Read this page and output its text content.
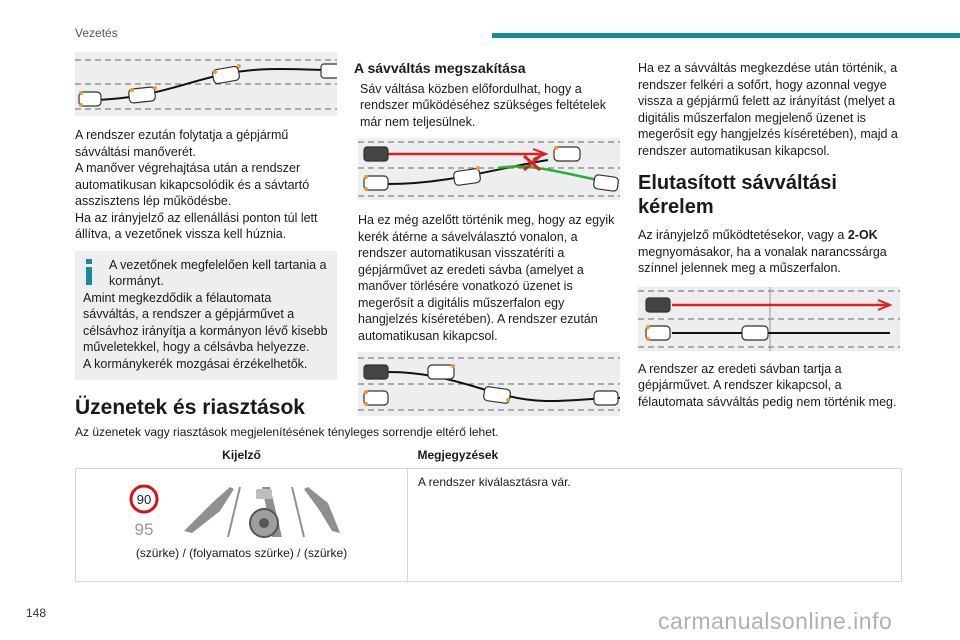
Vezetés

A rendszer ezután folytatja a gépjármű sávváltási manőverét.

A manőver végrehajtása után a rendszer automatikusan kikapcsolódik és a sávtartó asszisztens lép működésbe.

Ha az irányjelző az ellenállási ponton túl lett állítva, a vezetőnek vissza kell húznia.

A vezetőnek megfelelően kell tartania a kormányt.

Amint megkezdődik a félautomata sávváltás, a rendszer a gépjárművet a célsávhoz irányítja a kormányon lévő kisebb műveletekkel, hogy a célsávba helyezze.

A kormánykerék mozgásai érzékelhetők.

A sávváltás megszakítása

Sáv váltása közben előfordulhat, hogy a rendszer működéséhez szükséges feltételek már nem teljesülnek.

Ha ez még azelőtt történik meg, hogy az egyik kerék átérne a sávelválasztó vonalon, a rendszer automatikusan visszatéríti a gépjárművet az eredeti sávba (amelyet a manőver törlésére vonatkozó üzenet is megerősít a digitális műszerfalon egy hangjelzés kíséretében). A rendszer ezután automatikusan kikapcsol.

Ha ez a sávváltás megkezdése után történik, a rendszer felkéri a sofőrt, hogy azonnal vegye vissza a gépjármű felett az irányítást (melyet a digitális műszerfalon megjelenő üzenet is megerősít egy hangjelzés kíséretében), majd a rendszer automatikusan kikapcsol.

Elutasított sávváltási kérelem

Az irányjelző működtetésekor, vagy a 2-OK megnyomásakor, ha a vonalak narancssárga színnel jelennek meg a műszerfalon.

A rendszer az eredeti sávban tartja a gépjárművet. A rendszer kikapcsol, a félautomata sávváltás pedig nem történik meg.

Üzenetek és riasztások
Az üzenetek vagy riasztások megjelenítésének tényleges sorrendje eltérő lehet.
Kijelző	Megjegyzések

90
95
(szürke) / (folyamatos szürke) / (szürke)	A rendszer kiválasztásra vár.
148	carmanualsonline.info
